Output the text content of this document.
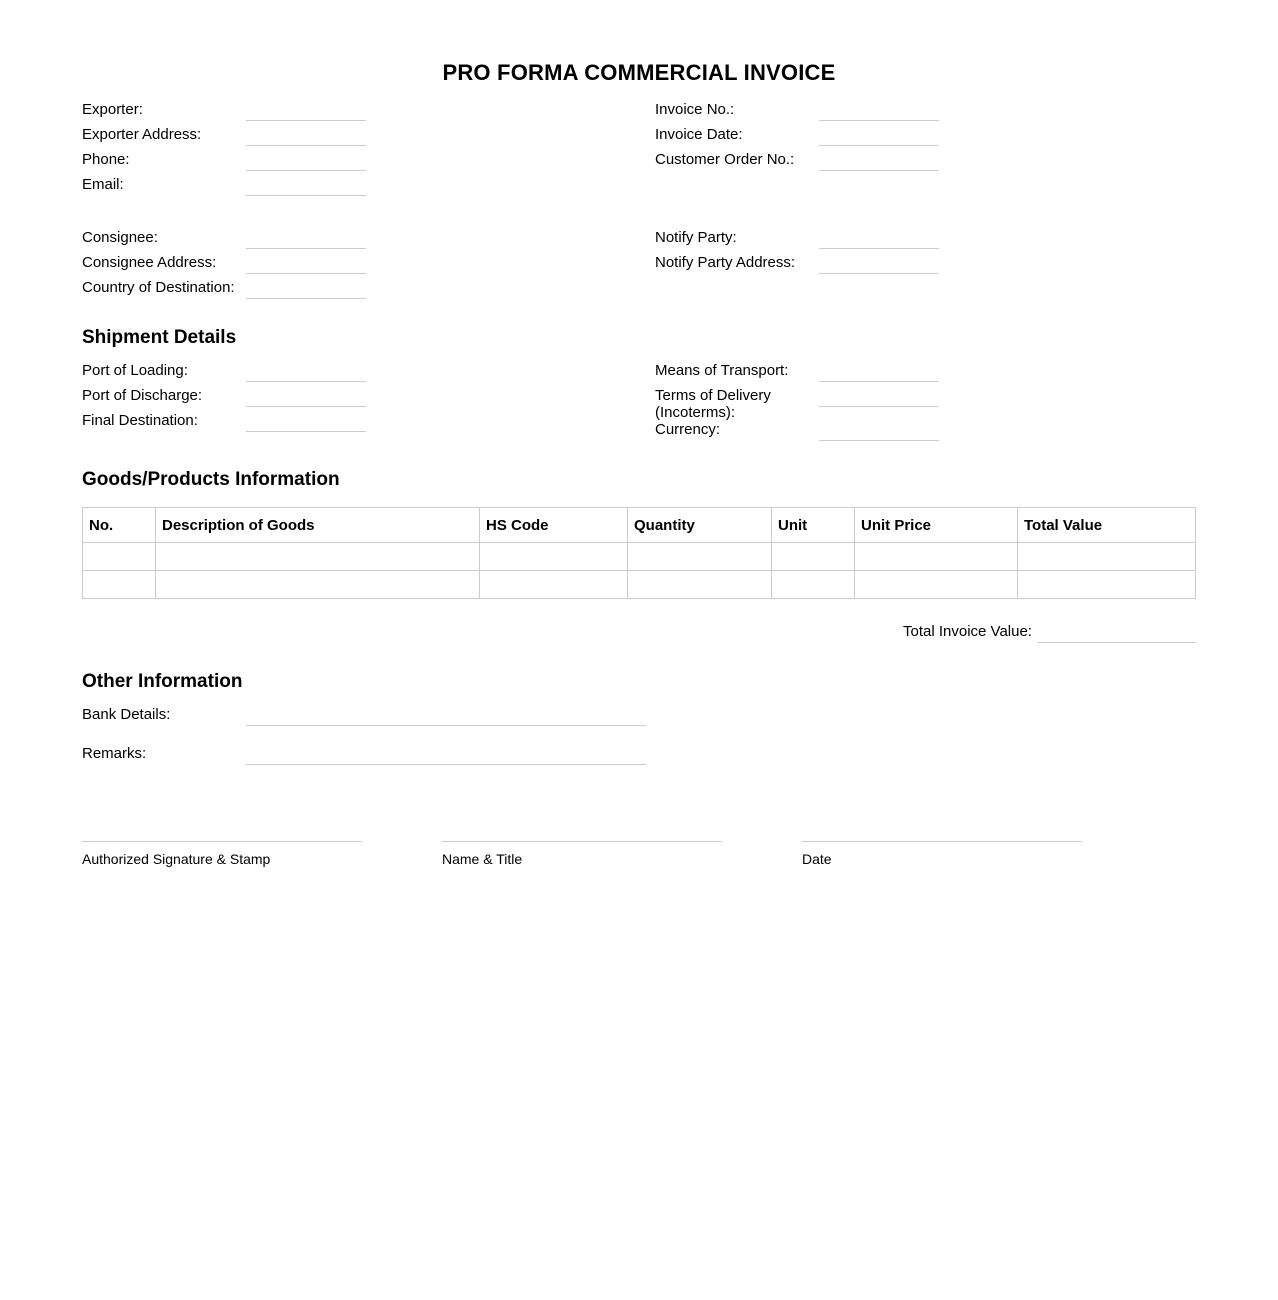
PRO FORMA COMMERCIAL INVOICE
Exporter:
Exporter Address:
Phone:
Email:
Invoice No.:
Invoice Date:
Customer Order No.:
Consignee:
Consignee Address:
Country of Destination:
Notify Party:
Notify Party Address:
Shipment Details
Port of Loading:
Port of Discharge:
Final Destination:
Means of Transport:
Terms of Delivery (Incoterms):
Currency:
Goods/Products Information
No.	Description of Goods	HS Code	Quantity	Unit	Unit Price	Total Value

Total Invoice Value:
Other Information
Bank Details:
Remarks:
Authorized Signature & Stamp	Name & Title	Date
